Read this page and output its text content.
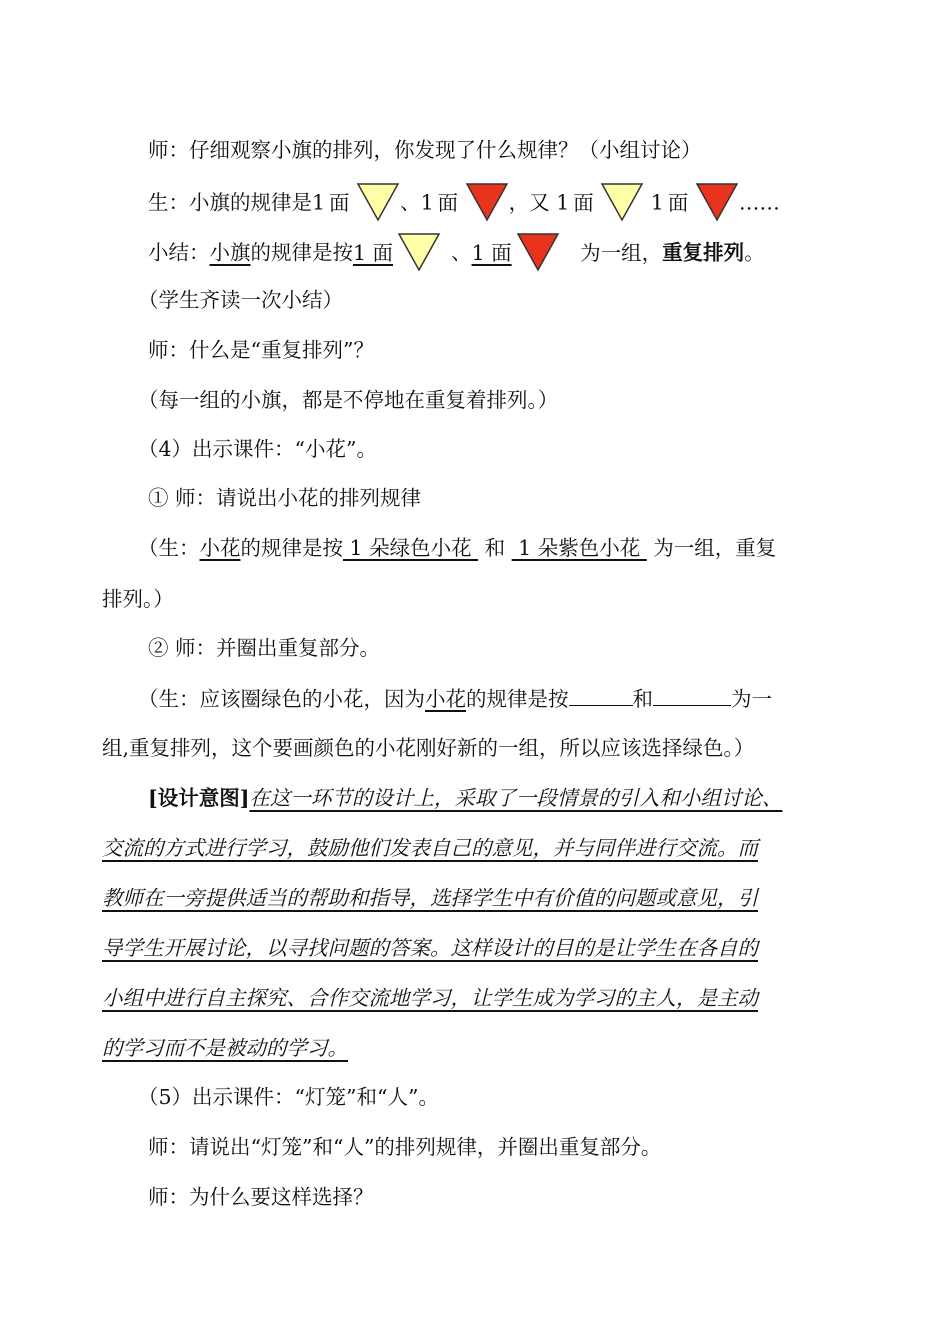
师：仔细观察小旗的排列，你发现了什么规律？（小组讨论）
生：小旗的规律是1 面 、1 面 ，又 1 面	1 面 ……
小结：小旗的规律是按1 面	、1 面	为一组，重复排列。
（学生齐读一次小结）
师：什么是“重复排列”？
（每一组的小旗，都是不停地在重复着排列。）
（4）出示课件：“小花”。
① 师：请说出小花的排列规律
（生：小花的规律是按 1 朵绿色小花  和  1 朵紫色小花  为一组，重复
排列。）
② 师：并圈出重复部分。
（生：应该圈绿色的小花，因为小花的规律是按	和	为一
组,重复排列，这个要画颜色的小花刚好新的一组，所以应该选择绿色。）
[设计意图]在这一环节的设计上，采取了一段情景的引入和小组讨论、
交流的方式进行学习，鼓励他们发表自己的意见，并与同伴进行交流。而
教师在一旁提供适当的帮助和指导，选择学生中有价值的问题或意见，引
导学生开展讨论，以寻找问题的答案。这样设计的目的是让学生在各自的
小组中进行自主探究、合作交流地学习，让学生成为学习的主人，是主动
的学习而不是被动的学习。
（5）出示课件：“灯笼”和“人”。
师：请说出“灯笼”和“人”的排列规律，并圈出重复部分。
师：为什么要这样选择？
